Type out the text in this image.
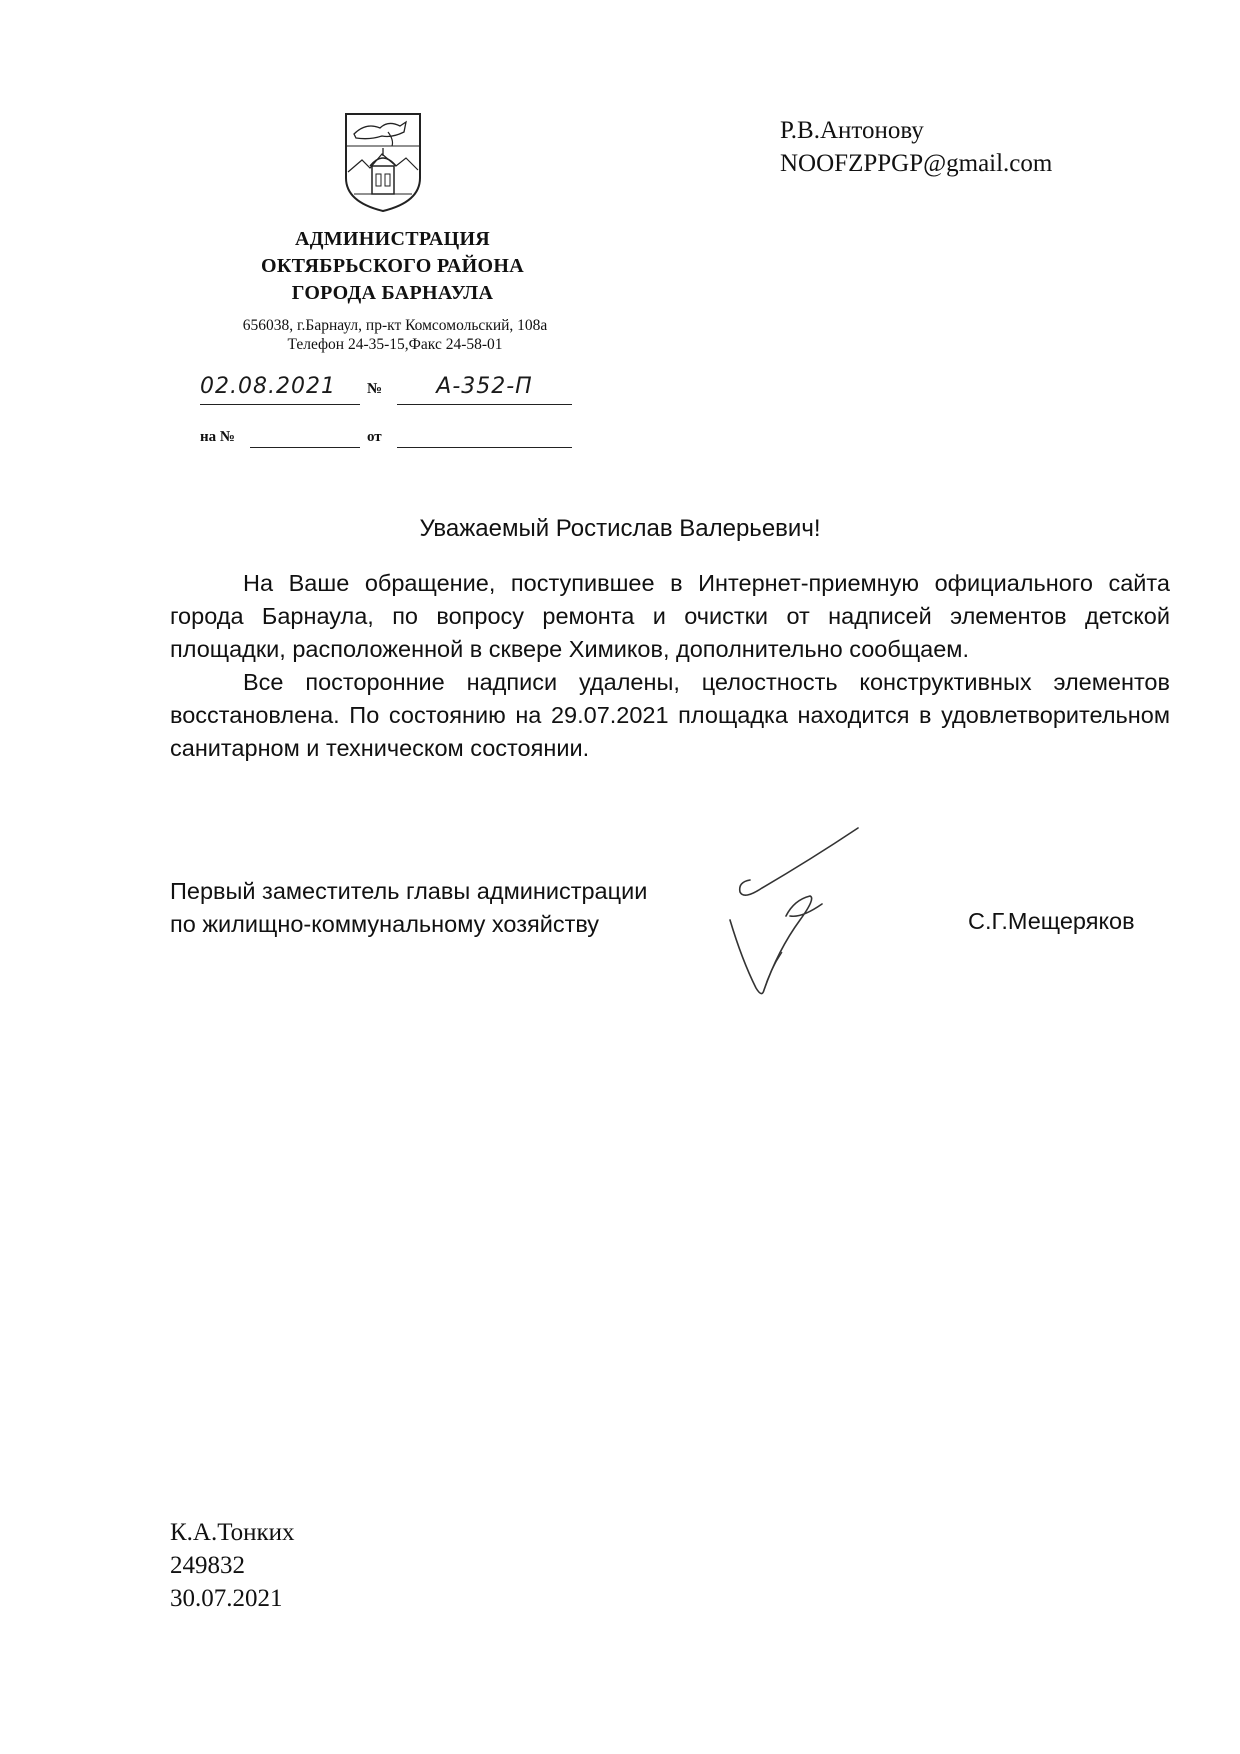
АДМИНИСТРАЦИЯ
ОКТЯБРЬСКОГО РАЙОНА
ГОРОДА БАРНАУЛА
656038, г.Барнаул, пр-кт Комсомольский, 108а
Телефон 24-35-15,Факс 24-58-01
02.08.2021	№	А-352-П
на №	от
Р.В.Антонову
NOOFZPPGP@gmail.com
Уважаемый Ростислав Валерьевич!

На Ваше обращение, поступившее в Интернет-приемную официального сайта города Барнаула, по вопросу ремонта и очистки от надписей элементов детской площадки, расположенной в сквере Химиков, дополнительно сообщаем.

Все посторонние надписи удалены, целостность конструктивных элементов восстановлена. По состоянию на 29.07.2021 площадка находится в удовлетворительном санитарном и техническом состоянии.

Первый заместитель главы администрации
по жилищно-коммунальному хозяйству	С.Г.Мещеряков
К.А.Тонких
249832
30.07.2021
